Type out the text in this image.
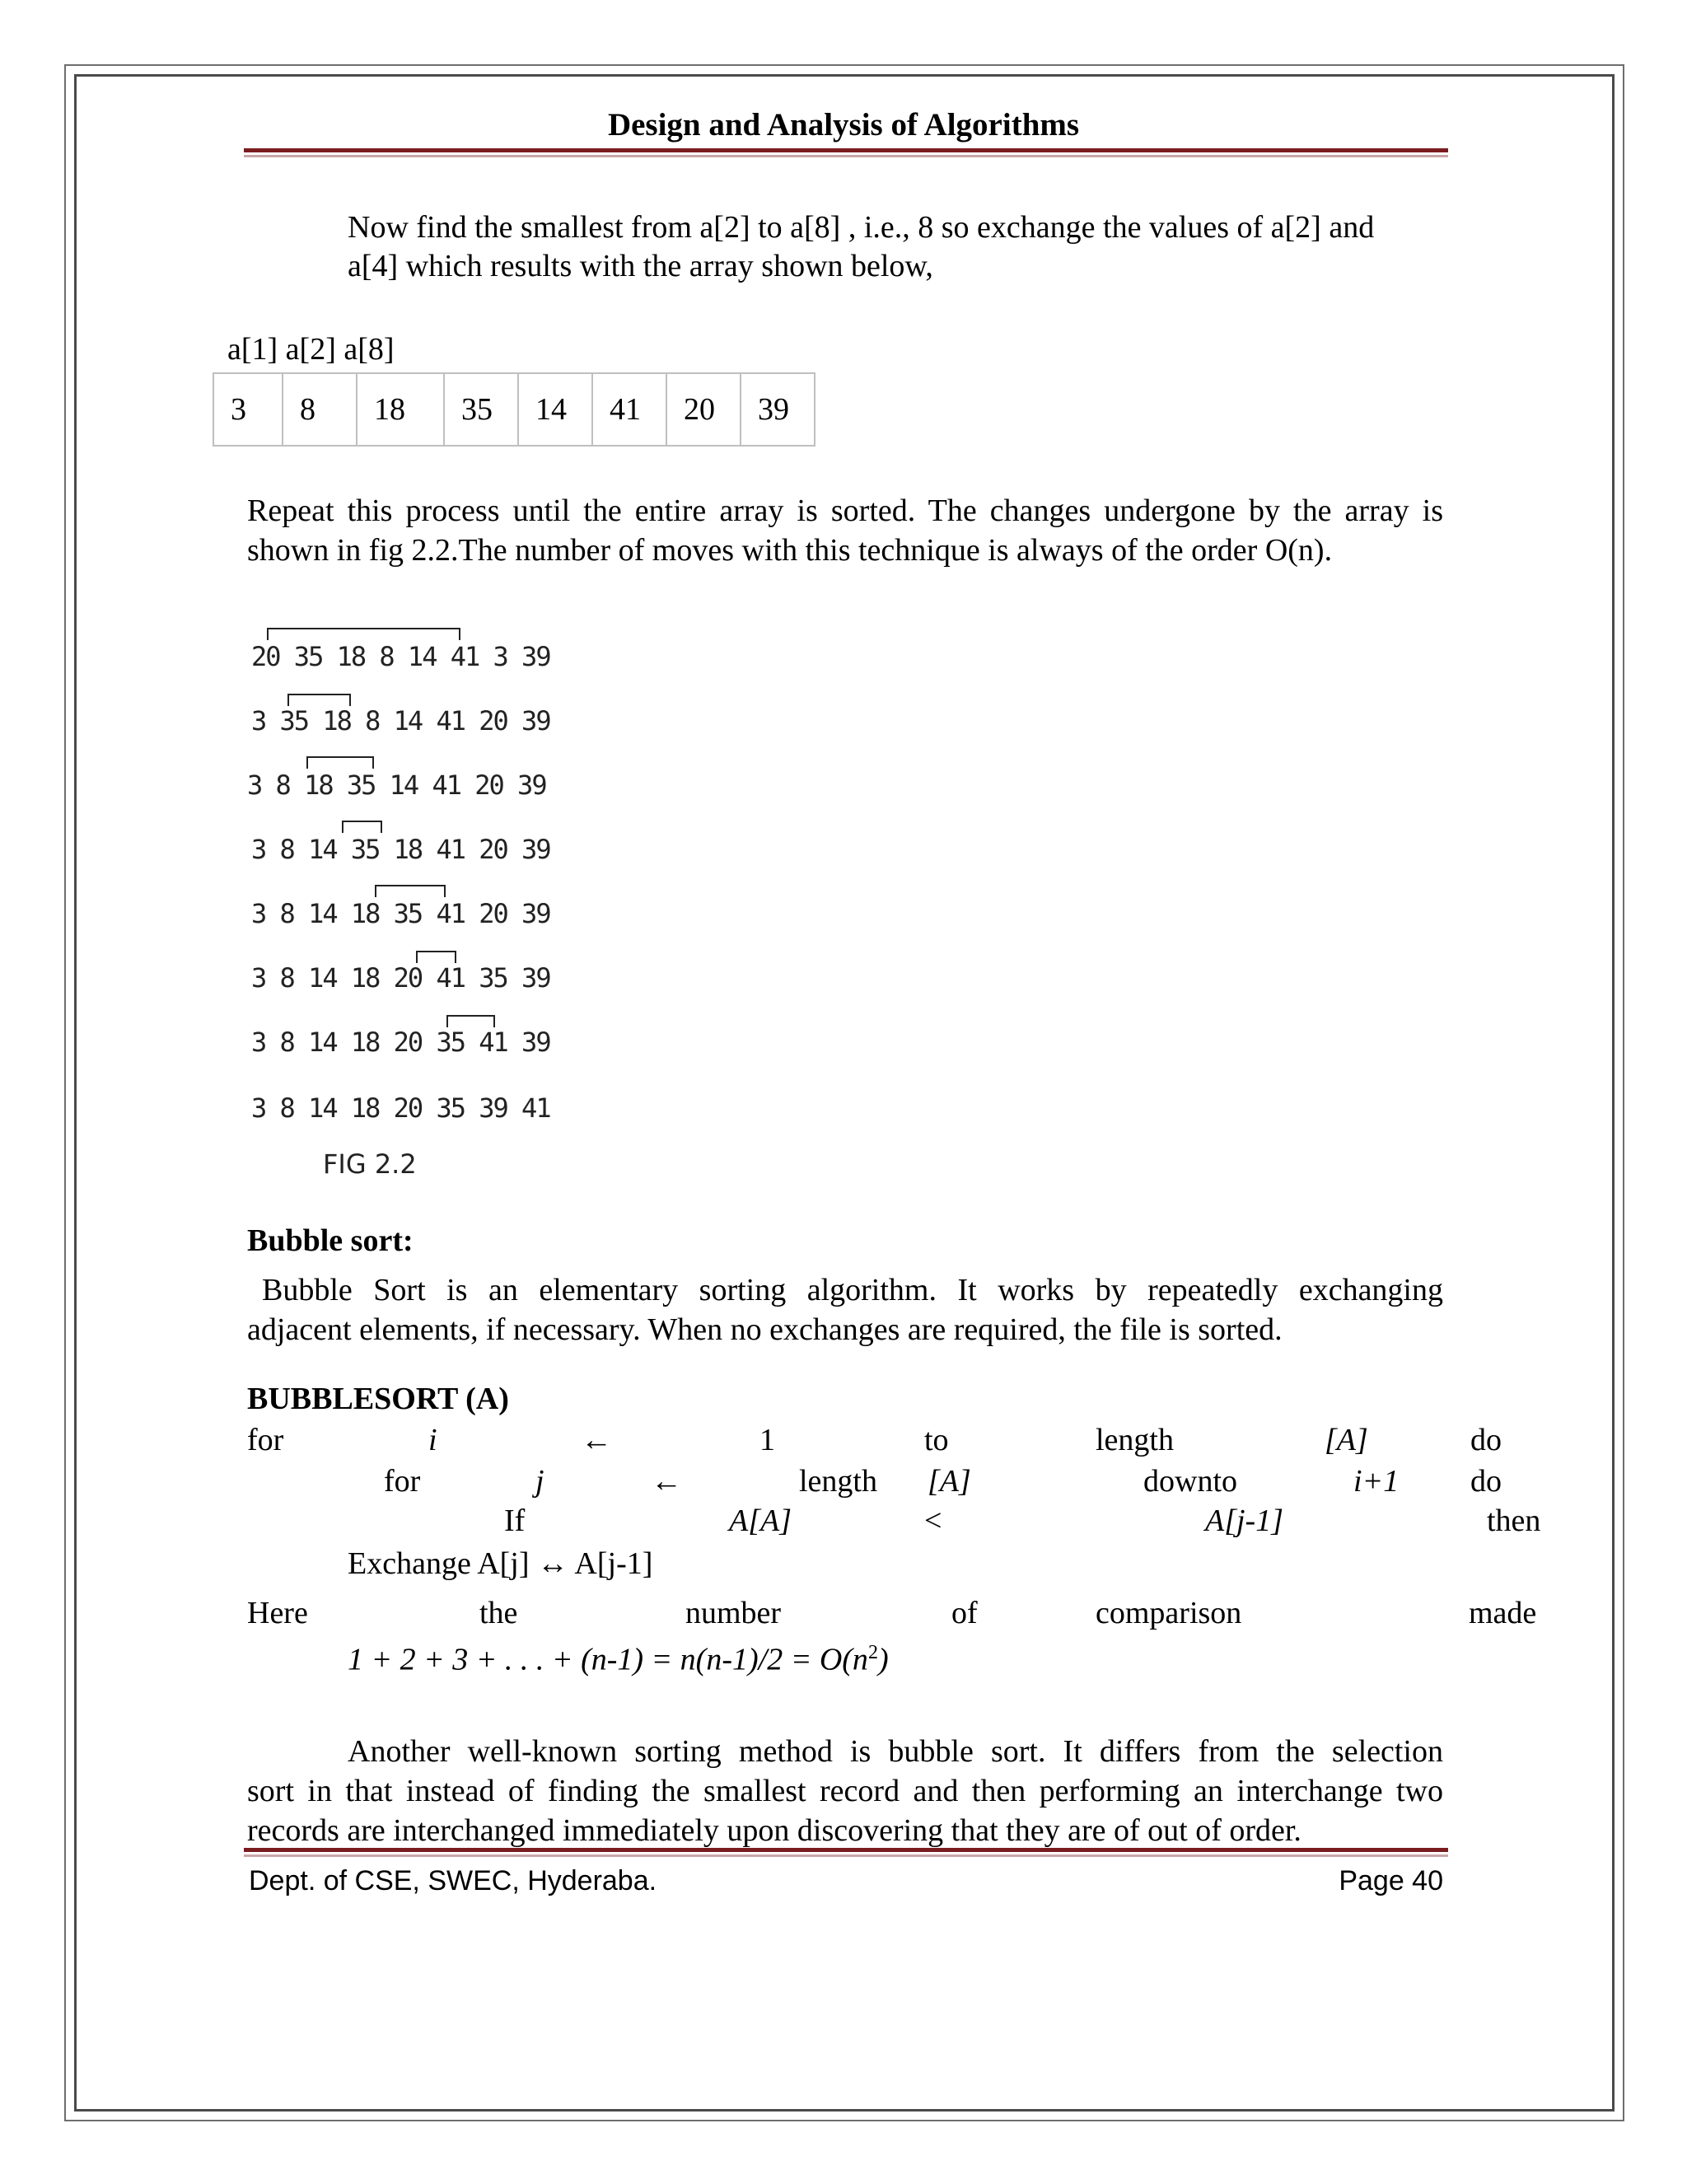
Design and Analysis of Algorithms
Now find the smallest from a[2] to a[8] , i.e., 8 so exchange the values of a[2] and
a[4] which results with the array shown below,
a[1] a[2] a[8]
3	8	18	35	14	41	20	39
Repeat this process until the entire array is sorted. The changes undergone by the array is
shown in fig 2.2.The number of moves with this technique is always of the order O(n).
20 35 18 8 14 41 3 39
3 35 18 8 14 41 20 39
3 8 18 35 14 41 20 39
3 8 14 35 18 41 20 39
3 8 14 18 35 41 20 39
3 8 14 18 20 41 35 39
3 8 14 18 20 35 41 39
3 8 14 18 20 35 39 41
FIG 2.2
Bubble sort:
Bubble Sort is an elementary sorting algorithm. It works by repeatedly exchanging
adjacent elements, if necessary. When no exchanges are required, the file is sorted.
BUBBLESORT (A)
for	i	←	1	to	length	[A]	do
for	j	←	length [A]	downto	i+1 do
If	A[A]	<	A[j-1]	then
Exchange A[j] ↔ A[j-1]
Here	the	number	of	comparison	made
1 + 2 + 3 + . . . + $(n-1) = n(n-1)/2 = O(n^2)$
Another well-known sorting method is bubble sort. It differs from the selection
sort in that instead of finding the smallest record and then performing an interchange two
records are interchanged immediately upon discovering that they are of out of order.
Dept. of CSE, SWEC, Hyderaba.	Page 40
